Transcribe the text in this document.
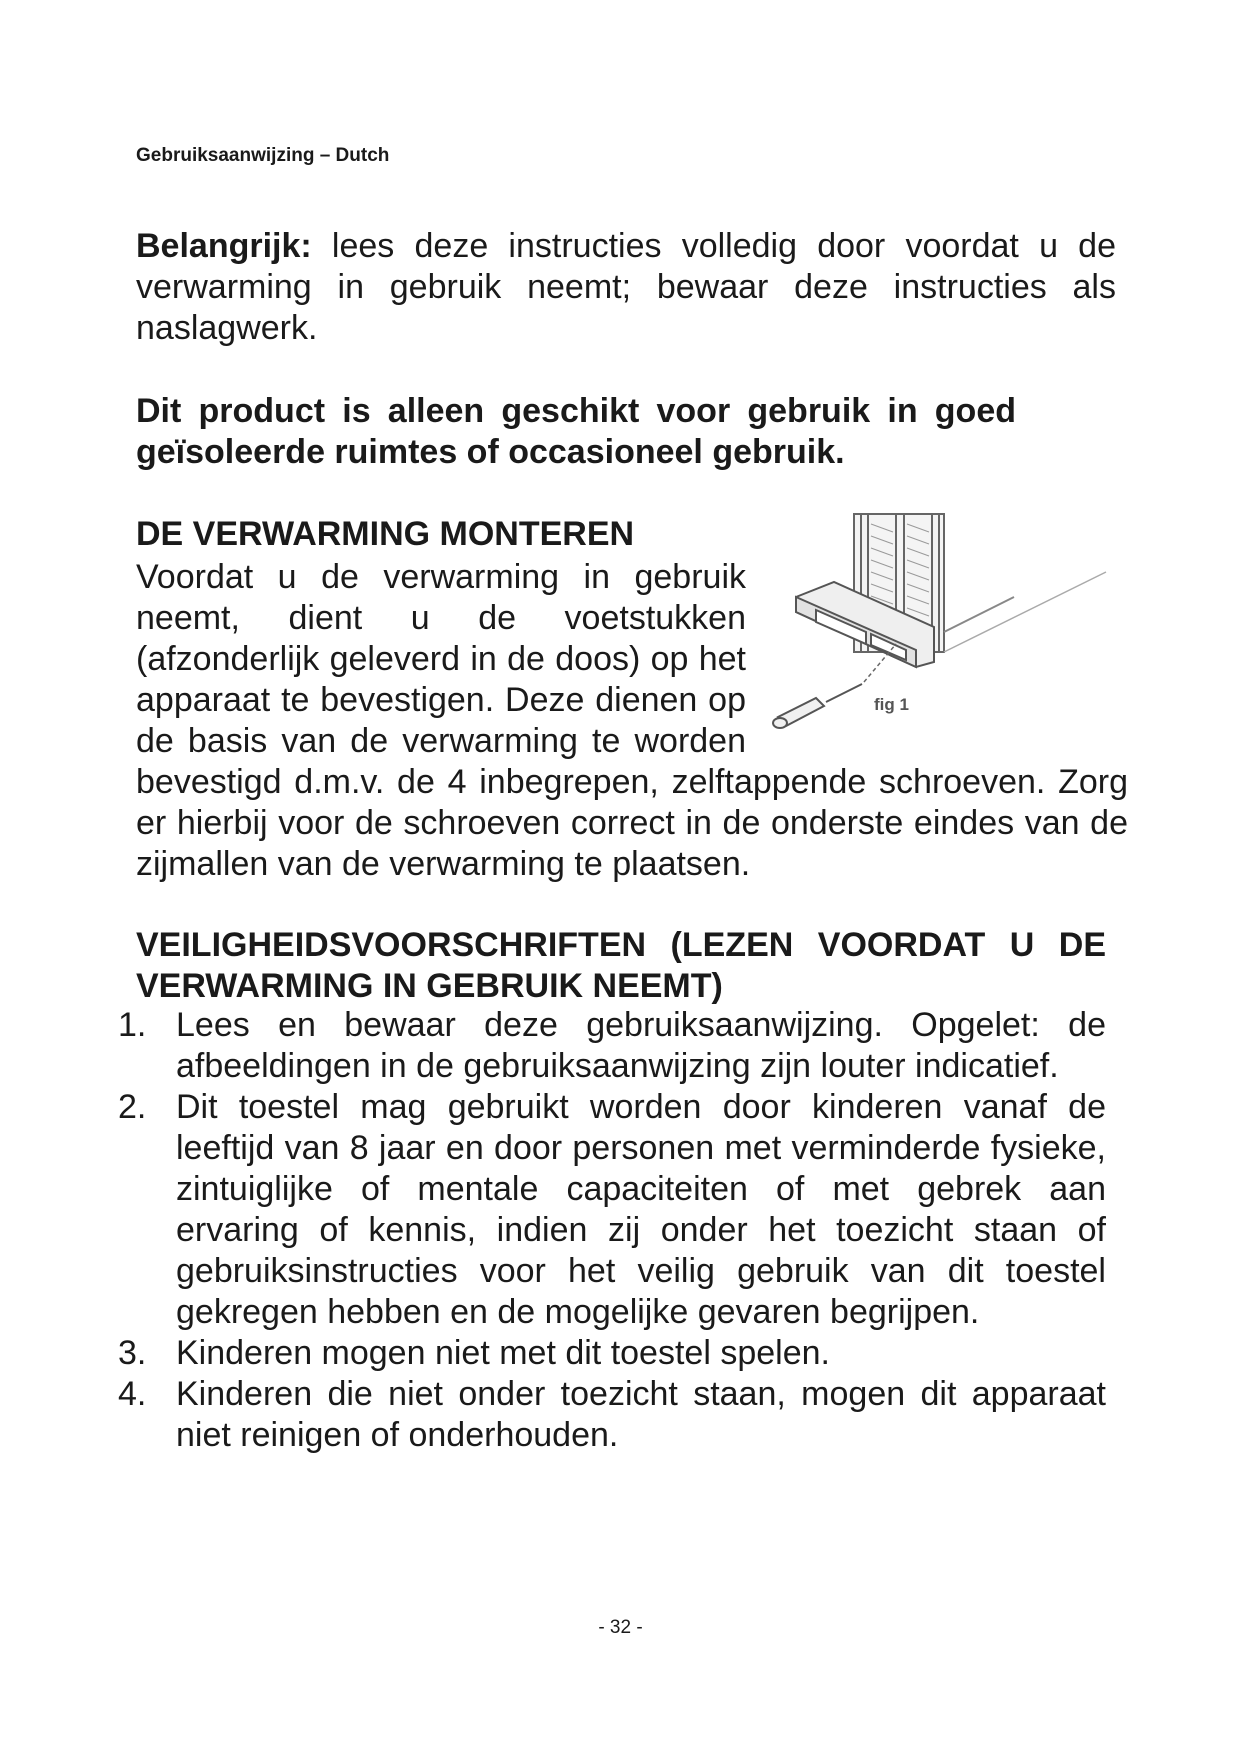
Gebruiksaanwijzing – Dutch
Belangrijk: lees deze instructies volledig door voordat u de verwarming in gebruik neemt; bewaar deze instructies als naslagwerk.
Dit product is alleen geschikt voor gebruik in goed geïsoleerde ruimtes of occasioneel gebruik.
DE VERWARMING MONTEREN
fig 1
Voordat u de verwarming in gebruik neemt, dient u de voetstukken (afzonderlijk geleverd in de doos) op het apparaat te bevestigen. Deze dienen op de basis van de verwarming te worden bevestigd d.m.v. de 4 inbegrepen, zelftappende schroeven. Zorg er hierbij voor de schroeven correct in de onderste eindes van de zijmallen van de verwarming te plaatsen.
VEILIGHEIDSVOORSCHRIFTEN (LEZEN VOORDAT U DE VERWARMING IN GEBRUIK NEEMT)
1. Lees en bewaar deze gebruiksaanwijzing. Opgelet: de afbeeldingen in de gebruiksaanwijzing zijn louter indicatief.
2. Dit toestel mag gebruikt worden door kinderen vanaf de leeftijd van 8 jaar en door personen met verminderde fysieke, zintuiglijke of mentale capaciteiten of met gebrek aan ervaring of kennis, indien zij onder het toezicht staan of gebruiksinstructies voor het veilig gebruik van dit toestel gekregen hebben en de mogelijke gevaren begrijpen.
3. Kinderen mogen niet met dit toestel spelen.
4. Kinderen die niet onder toezicht staan, mogen dit apparaat niet reinigen of onderhouden.
- 32 -
